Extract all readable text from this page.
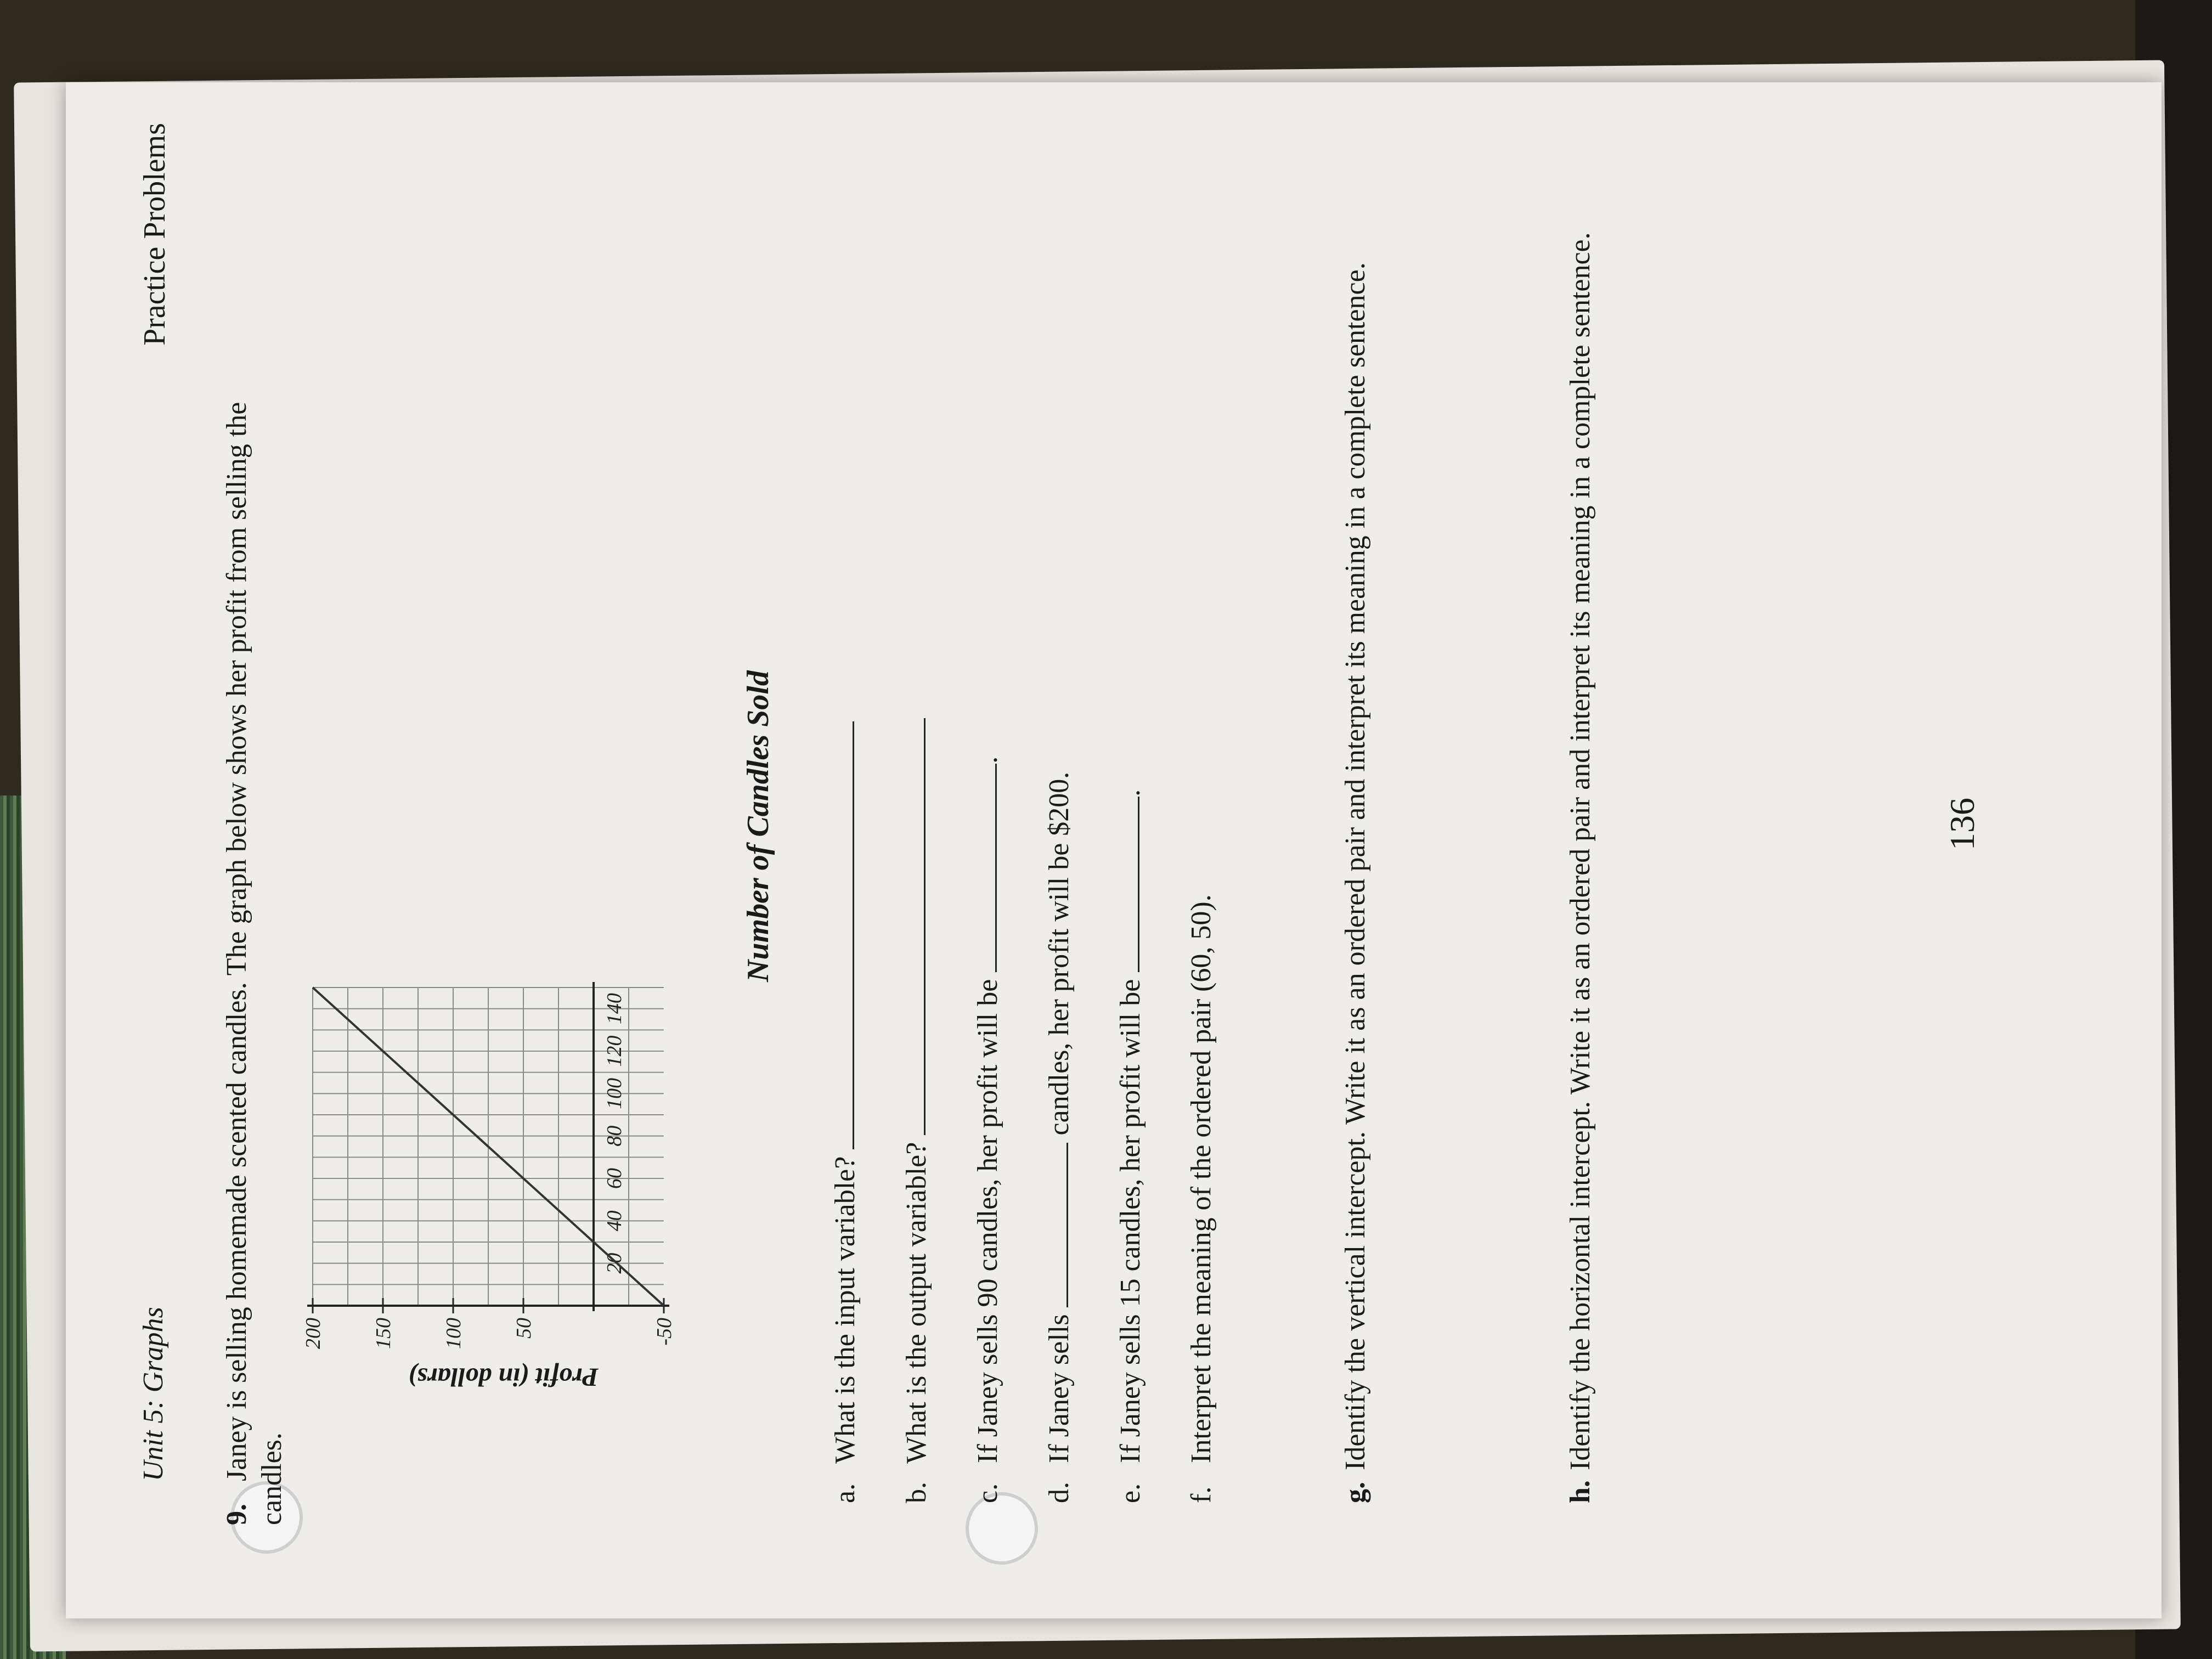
Unit 5: Graphs
Practice Problems
9.
Janey is selling homemade scented candles. The graph below shows her profit from selling the candles.
Profit (in dollars)
20
40
60
80
100
120
140
-50
50
100
150
200
Number of Candles Sold
a. What is the input variable?
b. What is the output variable?
c. If Janey sells 90 candles, her profit will be .
d. If Janey sells  candles, her profit will be $200.
e. If Janey sells 15 candles, her profit will be .
f. Interpret the meaning of the ordered pair (60, 50).
g.
Identify the vertical intercept. Write it as an ordered pair and interpret its meaning in a complete sentence.
h.
Identify the horizontal intercept. Write it as an ordered pair and interpret its meaning in a complete sentence.	136
